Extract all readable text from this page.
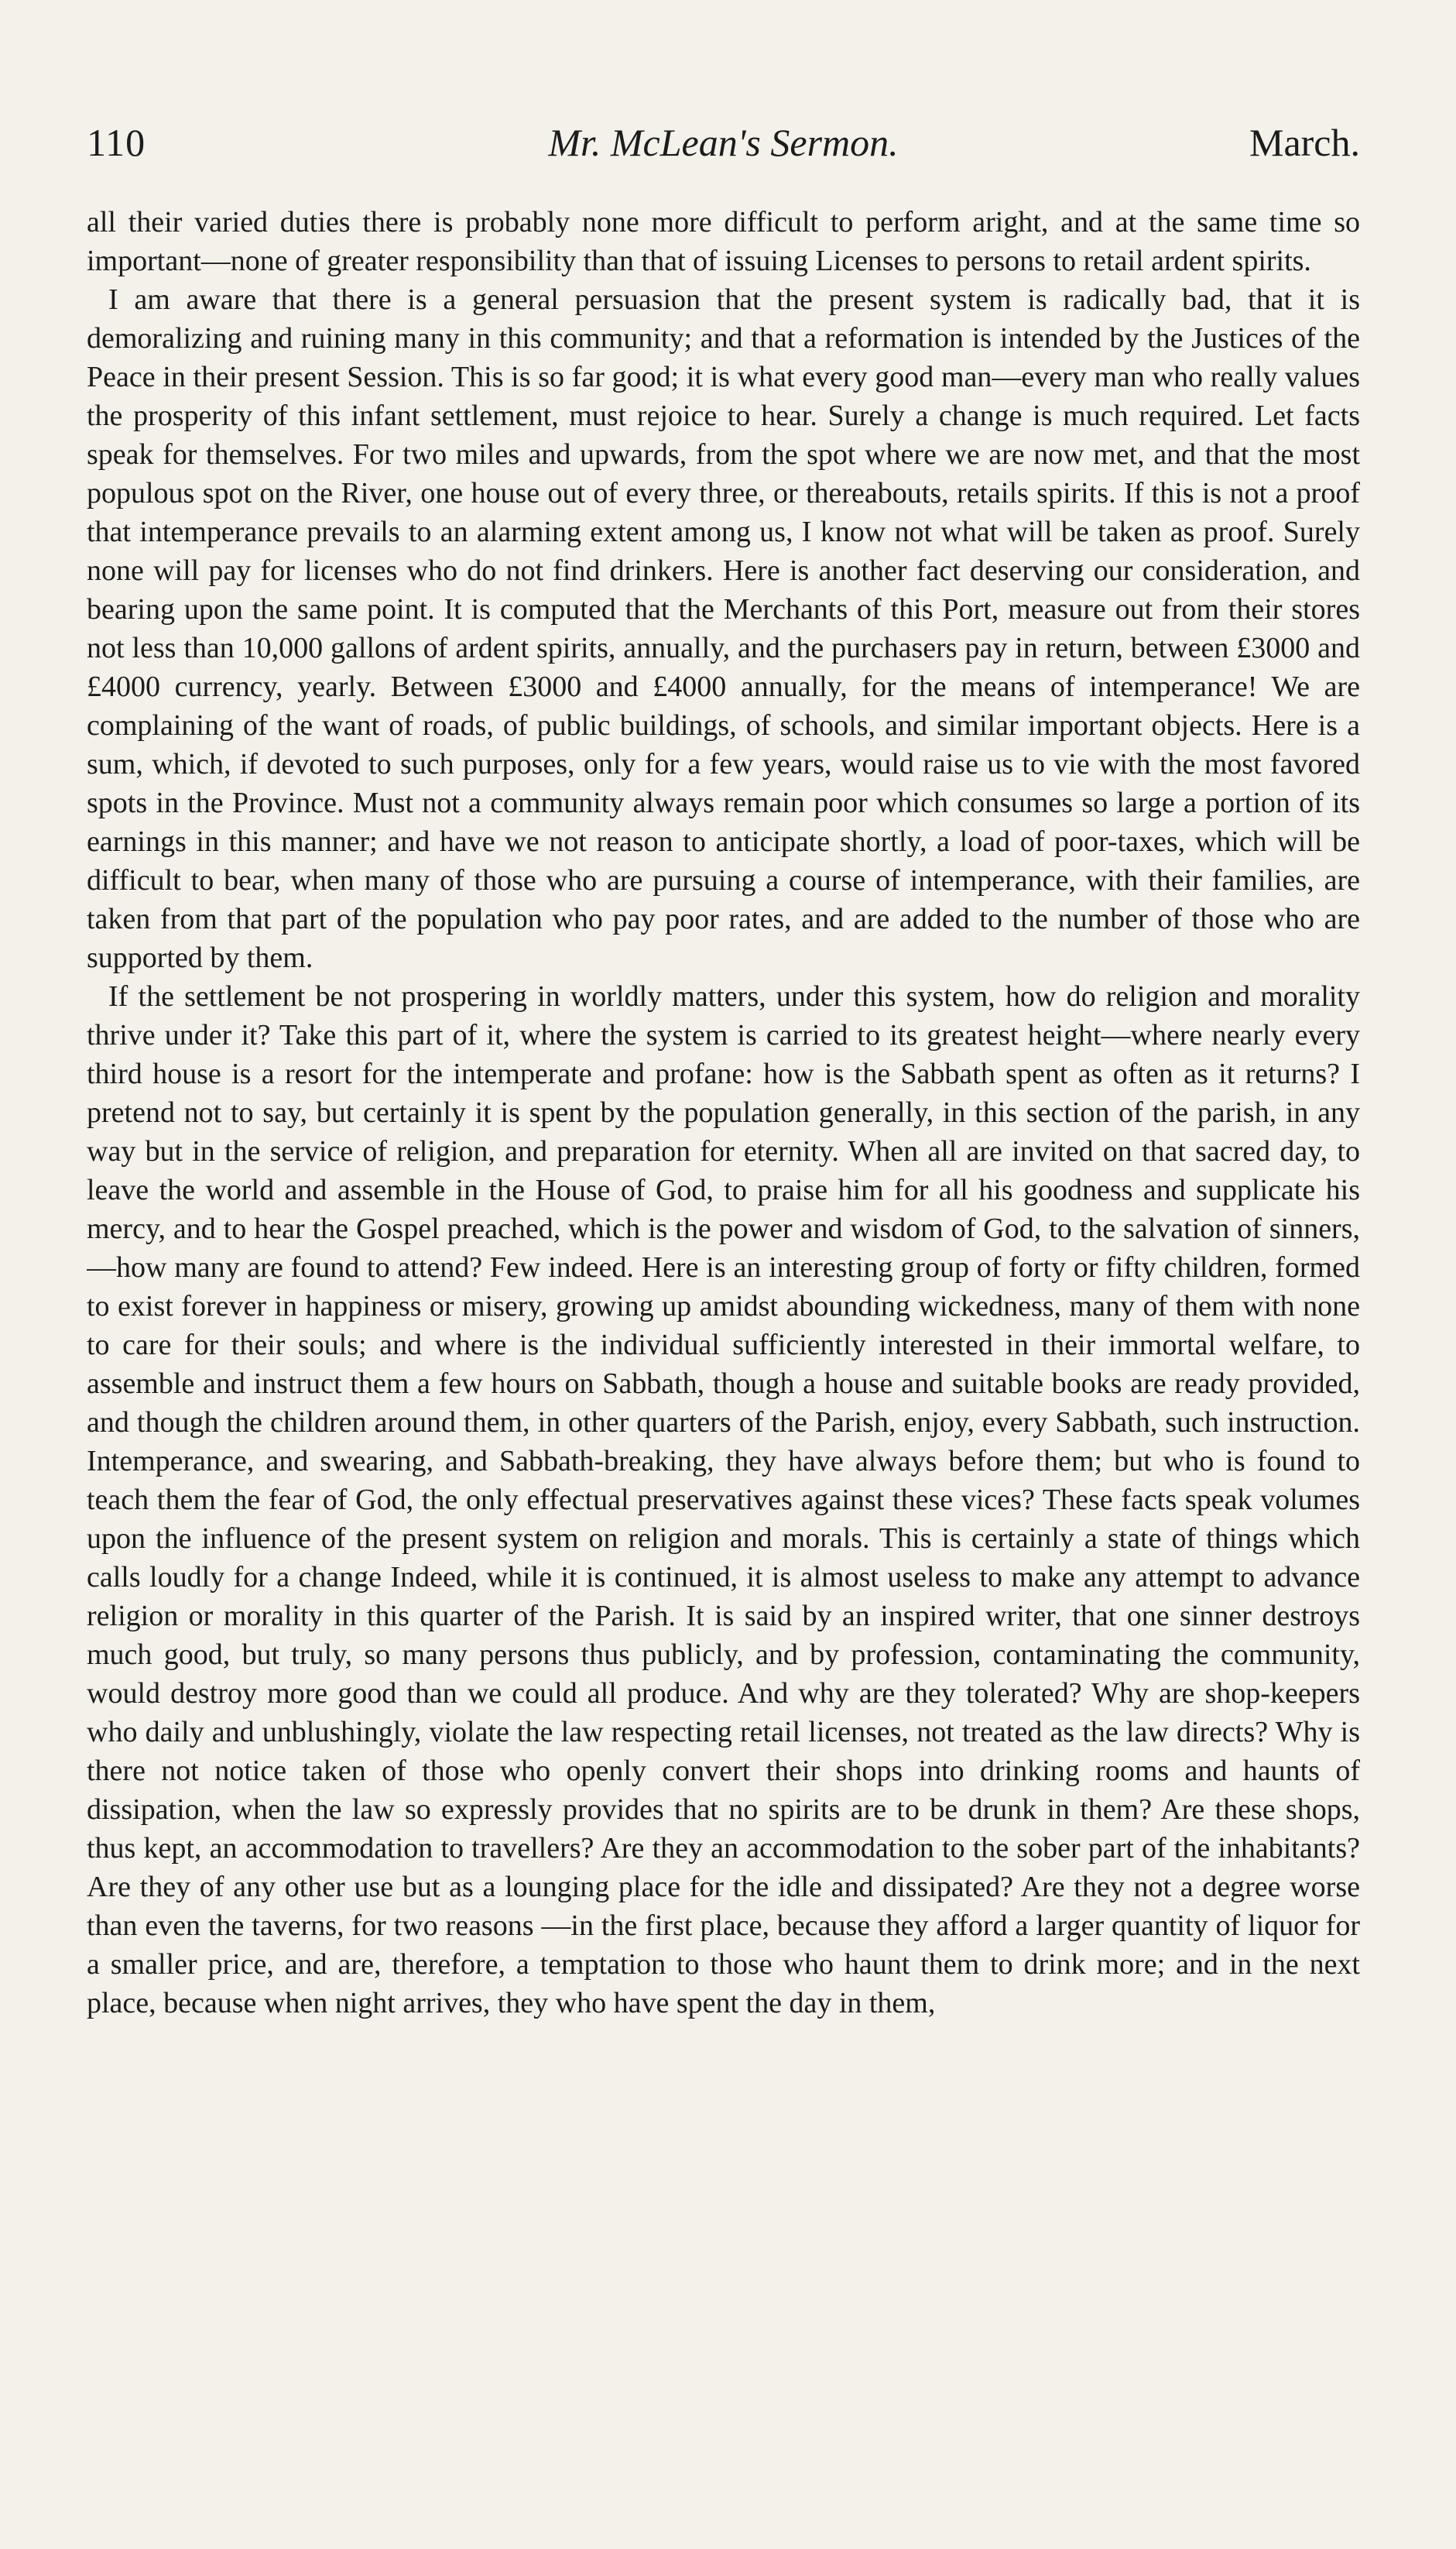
110	Mr. McLean's Sermon.	March.

all their varied duties there is probably none more difficult to perform aright, and at the same time so important—none of greater responsibility than that of issuing Licenses to persons to retail ardent spirits.

I am aware that there is a general persuasion that the present system is radically bad, that it is demoralizing and ruining many in this community; and that a reformation is intended by the Justices of the Peace in their present Session. This is so far good; it is what every good man—every man who really values the prosperity of this infant settlement, must rejoice to hear. Surely a change is much required. Let facts speak for themselves. For two miles and upwards, from the spot where we are now met, and that the most populous spot on the River, one house out of every three, or thereabouts, retails spirits. If this is not a proof that intemperance prevails to an alarming extent among us, I know not what will be taken as proof. Surely none will pay for licenses who do not find drinkers. Here is another fact deserving our consideration, and bearing upon the same point. It is computed that the Merchants of this Port, measure out from their stores not less than 10,000 gallons of ardent spirits, annually, and the purchasers pay in return, between £3000 and £4000 currency, yearly. Between £3000 and £4000 annually, for the means of intemperance! We are complaining of the want of roads, of public buildings, of schools, and similar important objects. Here is a sum, which, if devoted to such purposes, only for a few years, would raise us to vie with the most favored spots in the Province. Must not a community always remain poor which consumes so large a portion of its earnings in this manner; and have we not reason to anticipate shortly, a load of poor-taxes, which will be difficult to bear, when many of those who are pursuing a course of intemperance, with their families, are taken from that part of the population who pay poor rates, and are added to the number of those who are supported by them.

If the settlement be not prospering in worldly matters, under this system, how do religion and morality thrive under it? Take this part of it, where the system is carried to its greatest height—where nearly every third house is a resort for the intemperate and profane: how is the Sabbath spent as often as it returns? I pretend not to say, but certainly it is spent by the population generally, in this section of the parish, in any way but in the service of religion, and preparation for eternity. When all are invited on that sacred day, to leave the world and assemble in the House of God, to praise him for all his goodness and supplicate his mercy, and to hear the Gospel preached, which is the power and wisdom of God, to the salvation of sinners,—how many are found to attend? Few indeed. Here is an interesting group of forty or fifty children, formed to exist forever in happiness or misery, growing up amidst abounding wickedness, many of them with none to care for their souls; and where is the individual sufficiently interested in their immortal welfare, to assemble and instruct them a few hours on Sabbath, though a house and suitable books are ready provided, and though the children around them, in other quarters of the Parish, enjoy, every Sabbath, such instruction. Intemperance, and swearing, and Sabbath-breaking, they have always before them; but who is found to teach them the fear of God, the only effectual preservatives against these vices? These facts speak volumes upon the influence of the present system on religion and morals. This is certainly a state of things which calls loudly for a change Indeed, while it is continued, it is almost useless to make any attempt to advance religion or morality in this quarter of the Parish. It is said by an inspired writer, that one sinner destroys much good, but truly, so many persons thus publicly, and by profession, contaminating the community, would destroy more good than we could all produce. And why are they tolerated? Why are shop-keepers who daily and unblushingly, violate the law respecting retail licenses, not treated as the law directs? Why is there not notice taken of those who openly convert their shops into drinking rooms and haunts of dissipation, when the law so expressly provides that no spirits are to be drunk in them? Are these shops, thus kept, an accommodation to travellers? Are they an accommodation to the sober part of the inhabitants? Are they of any other use but as a lounging place for the idle and dissipated? Are they not a degree worse than even the taverns, for two reasons —in the first place, because they afford a larger quantity of liquor for a smaller price, and are, therefore, a temptation to those who haunt them to drink more; and in the next place, because when night arrives, they who have spent the day in them,
